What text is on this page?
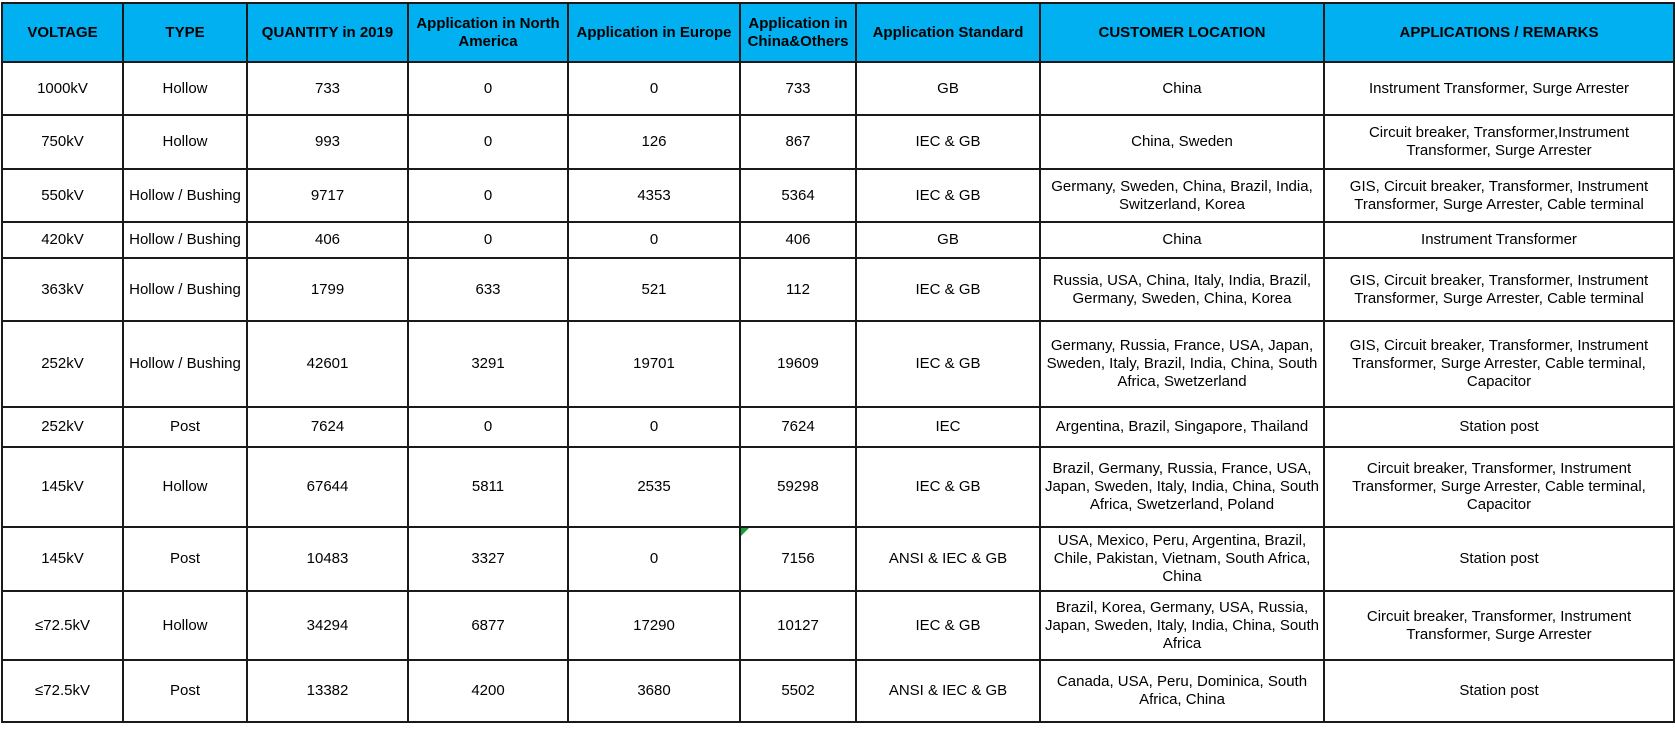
VOLTAGE	TYPE	QUANTITY in 2019	Application in North America	Application in Europe	Application in China&Others	Application Standard	CUSTOMER LOCATION	APPLICATIONS / REMARKS
1000kV	Hollow	733	0	0	733	GB	China	Instrument Transformer, Surge Arrester
750kV	Hollow	993	0	126	867	IEC & GB	China, Sweden	Circuit breaker, Transformer,Instrument Transformer, Surge Arrester
550kV	Hollow / Bushing	9717	0	4353	5364	IEC & GB	Germany, Sweden, China, Brazil, India, Switzerland, Korea	GIS, Circuit breaker, Transformer, Instrument Transformer, Surge Arrester, Cable terminal
420kV	Hollow / Bushing	406	0	0	406	GB	China	Instrument Transformer
363kV	Hollow / Bushing	1799	633	521	112	IEC & GB	Russia, USA, China, Italy, India, Brazil, Germany, Sweden, China, Korea	GIS, Circuit breaker, Transformer, Instrument Transformer, Surge Arrester, Cable terminal
252kV	Hollow / Bushing	42601	3291	19701	19609	IEC & GB	Germany, Russia, France, USA, Japan, Sweden, Italy, Brazil, India, China, South Africa, Swetzerland	GIS, Circuit breaker, Transformer, Instrument Transformer, Surge Arrester, Cable terminal, Capacitor
252kV	Post	7624	0	0	7624	IEC	Argentina, Brazil, Singapore, Thailand	Station post
145kV	Hollow	67644	5811	2535	59298	IEC & GB	Brazil, Germany, Russia, France, USA, Japan, Sweden, Italy, India, China, South Africa, Swetzerland, Poland	Circuit breaker, Transformer, Instrument Transformer, Surge Arrester, Cable terminal, Capacitor
145kV	Post	10483	3327	0	7156	ANSI & IEC & GB	USA, Mexico, Peru, Argentina, Brazil, Chile, Pakistan, Vietnam, South Africa, China	Station post
≤72.5kV	Hollow	34294	6877	17290	10127	IEC & GB	Brazil, Korea, Germany, USA, Russia, Japan, Sweden, Italy, India, China, South Africa	Circuit breaker, Transformer, Instrument Transformer, Surge Arrester
≤72.5kV	Post	13382	4200	3680	5502	ANSI & IEC & GB	Canada, USA, Peru, Dominica, South Africa, China	Station post
